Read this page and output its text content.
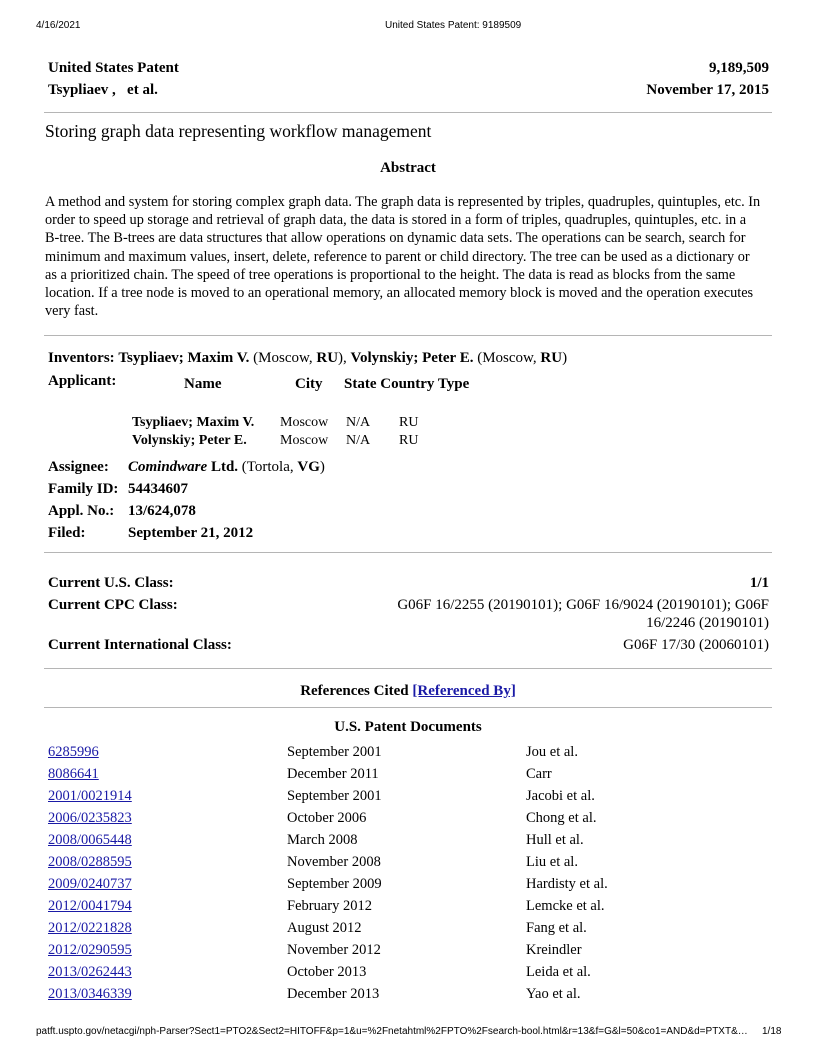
4/16/2021	United States Patent: 9189509
United States Patent	9,189,509
Tsypliaev ,   et al.	November 17, 2015
Storing graph data representing workflow management
Abstract
A method and system for storing complex graph data. The graph data is represented by triples, quadruples, quintuples, etc. In order to speed up storage and retrieval of graph data, the data is stored in a form of triples, quadruples, quintuples, etc. in a B-tree. The B-trees are data structures that allow operations on dynamic data sets. The operations can be search, search for minimum and maximum values, insert, delete, reference to parent or child directory. The tree can be used as a dictionary or as a prioritized chain. The speed of tree operations is proportional to the height. The data is read as blocks from the same location. If a tree node is moved to an operational memory, an allocated memory block is moved and the operation executes very fast.
Inventors: Tsypliaev; Maxim V. (Moscow, RU), Volynskiy; Peter E. (Moscow, RU)
Applicant:	Name	City State Country Type
Tsypliaev; Maxim V. Moscow N/A RU
Volynskiy; Peter E. Moscow N/A RU
Assignee: Comindware Ltd. (Tortola, VG)
Family ID: 54434607
Appl. No.: 13/624,078
Filed:	September 21, 2012
Current U.S. Class:	1/1
Current CPC Class:	G06F 16/2255 (20190101); G06F 16/9024 (20190101); G06F
16/2246 (20190101)
Current International Class:	G06F 17/30 (20060101)
References Cited [Referenced By]
U.S. Patent Documents
6285996	September 2001	Jou et al.
8086641	December 2011	Carr
2001/0021914	September 2001	Jacobi et al.
2006/0235823	October 2006	Chong et al.
2008/0065448	March 2008	Hull et al.
2008/0288595	November 2008	Liu et al.
2009/0240737	September 2009	Hardisty et al.
2012/0041794	February 2012	Lemcke et al.
2012/0221828	August 2012	Fang et al.
2012/0290595	November 2012	Kreindler
2013/0262443	October 2013	Leida et al.
2013/0346339	December 2013	Yao et al.
patft.uspto.gov/netacgi/nph-Parser?Sect1=PTO2&Sect2=HITOFF&p=1&u=%2Fnetahtml%2FPTO%2Fsearch-bool.html&r=13&f=G&l=50&co1=AND&d=PTXT&… 1/18
